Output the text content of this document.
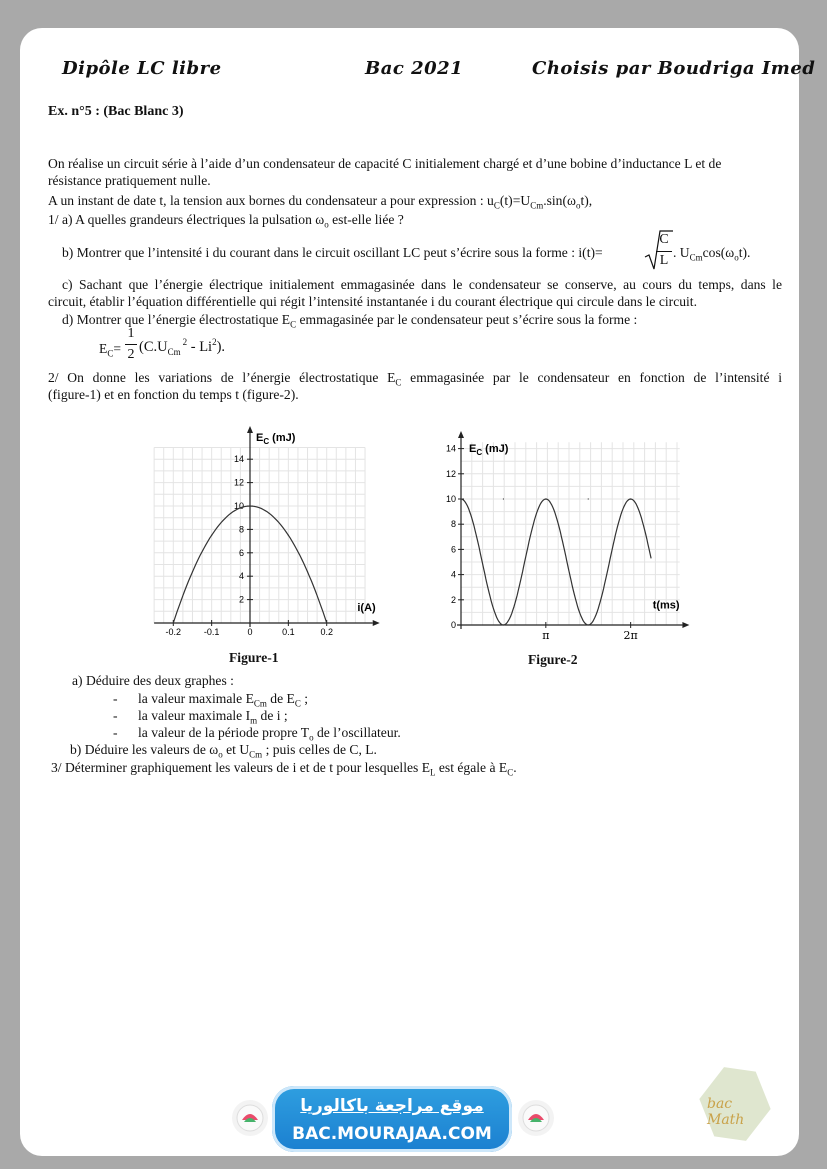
Dipôle LC libre	Bac 2021	Choisis par Boudriga Imed
Ex. n°5 : (Bac Blanc 3)
On réalise un circuit série à l’aide d’un condensateur de capacité C initialement chargé et d’une bobine d’inductance L et de
résistance pratiquement nulle.
A un instant de date t, la tension aux bornes du condensateur a pour expression : $u_C(t)=U_{Cm}.\sin(\omega_ot)$,
1/ a) A quelles grandeurs électriques la pulsation $\omega_o$ est-elle liée ?
b) Montrer que l’intensité i du courant dans le circuit oscillant LC peut s’écrire sous la forme : i(t)=
C
L
. $U_{Cm}\cos(\omega_ot)$.
c) Sachant que l’énergie électrique initialement emmagasinée dans le condensateur se conserve, au cours du temps, dans le
circuit, établir l’équation différentielle qui régit l’intensité instantanée i du courant électrique qui circule dans le circuit.
d) Montrer que l’énergie électrostatique $E_C$ emmagasinée par le condensateur peut s’écrire sous la forme :
$E_C=$
1
2 $(C.U_{Cm}^2 - Li^2)$.
2/ On donne les variations de l’énergie électrostatique $E_C$ emmagasinée par le condensateur en fonction de l’intensité i
(figure-1) et en fonction du temps t (figure-2).
2
4
6
8
10
12
14
-0.2	-0.1	0	0.1	0.2
$E_C$ (mJ)
i(A)
Figure-1
0
2
4
6
8
10
12
14
π	2π
$E_C$ (mJ)
t(ms)
Figure-2
a) Déduire des deux graphes :
- la valeur maximale $E_{Cm}$ de $E_C$ ;
- la valeur maximale $I_m$ de i ;
- la valeur de la période propre $T_o$ de l’oscillateur.
b) Déduire les valeurs de $\omega_o$ et $U_{Cm}$ ; puis celles de C, L.
3/ Déterminer graphiquement les valeurs de i et de t pour lesquelles $E_L$ est égale à $E_C$.
موقع مراجعة باكالوريا
BAC.MOURAJAA.COM
bac Math
